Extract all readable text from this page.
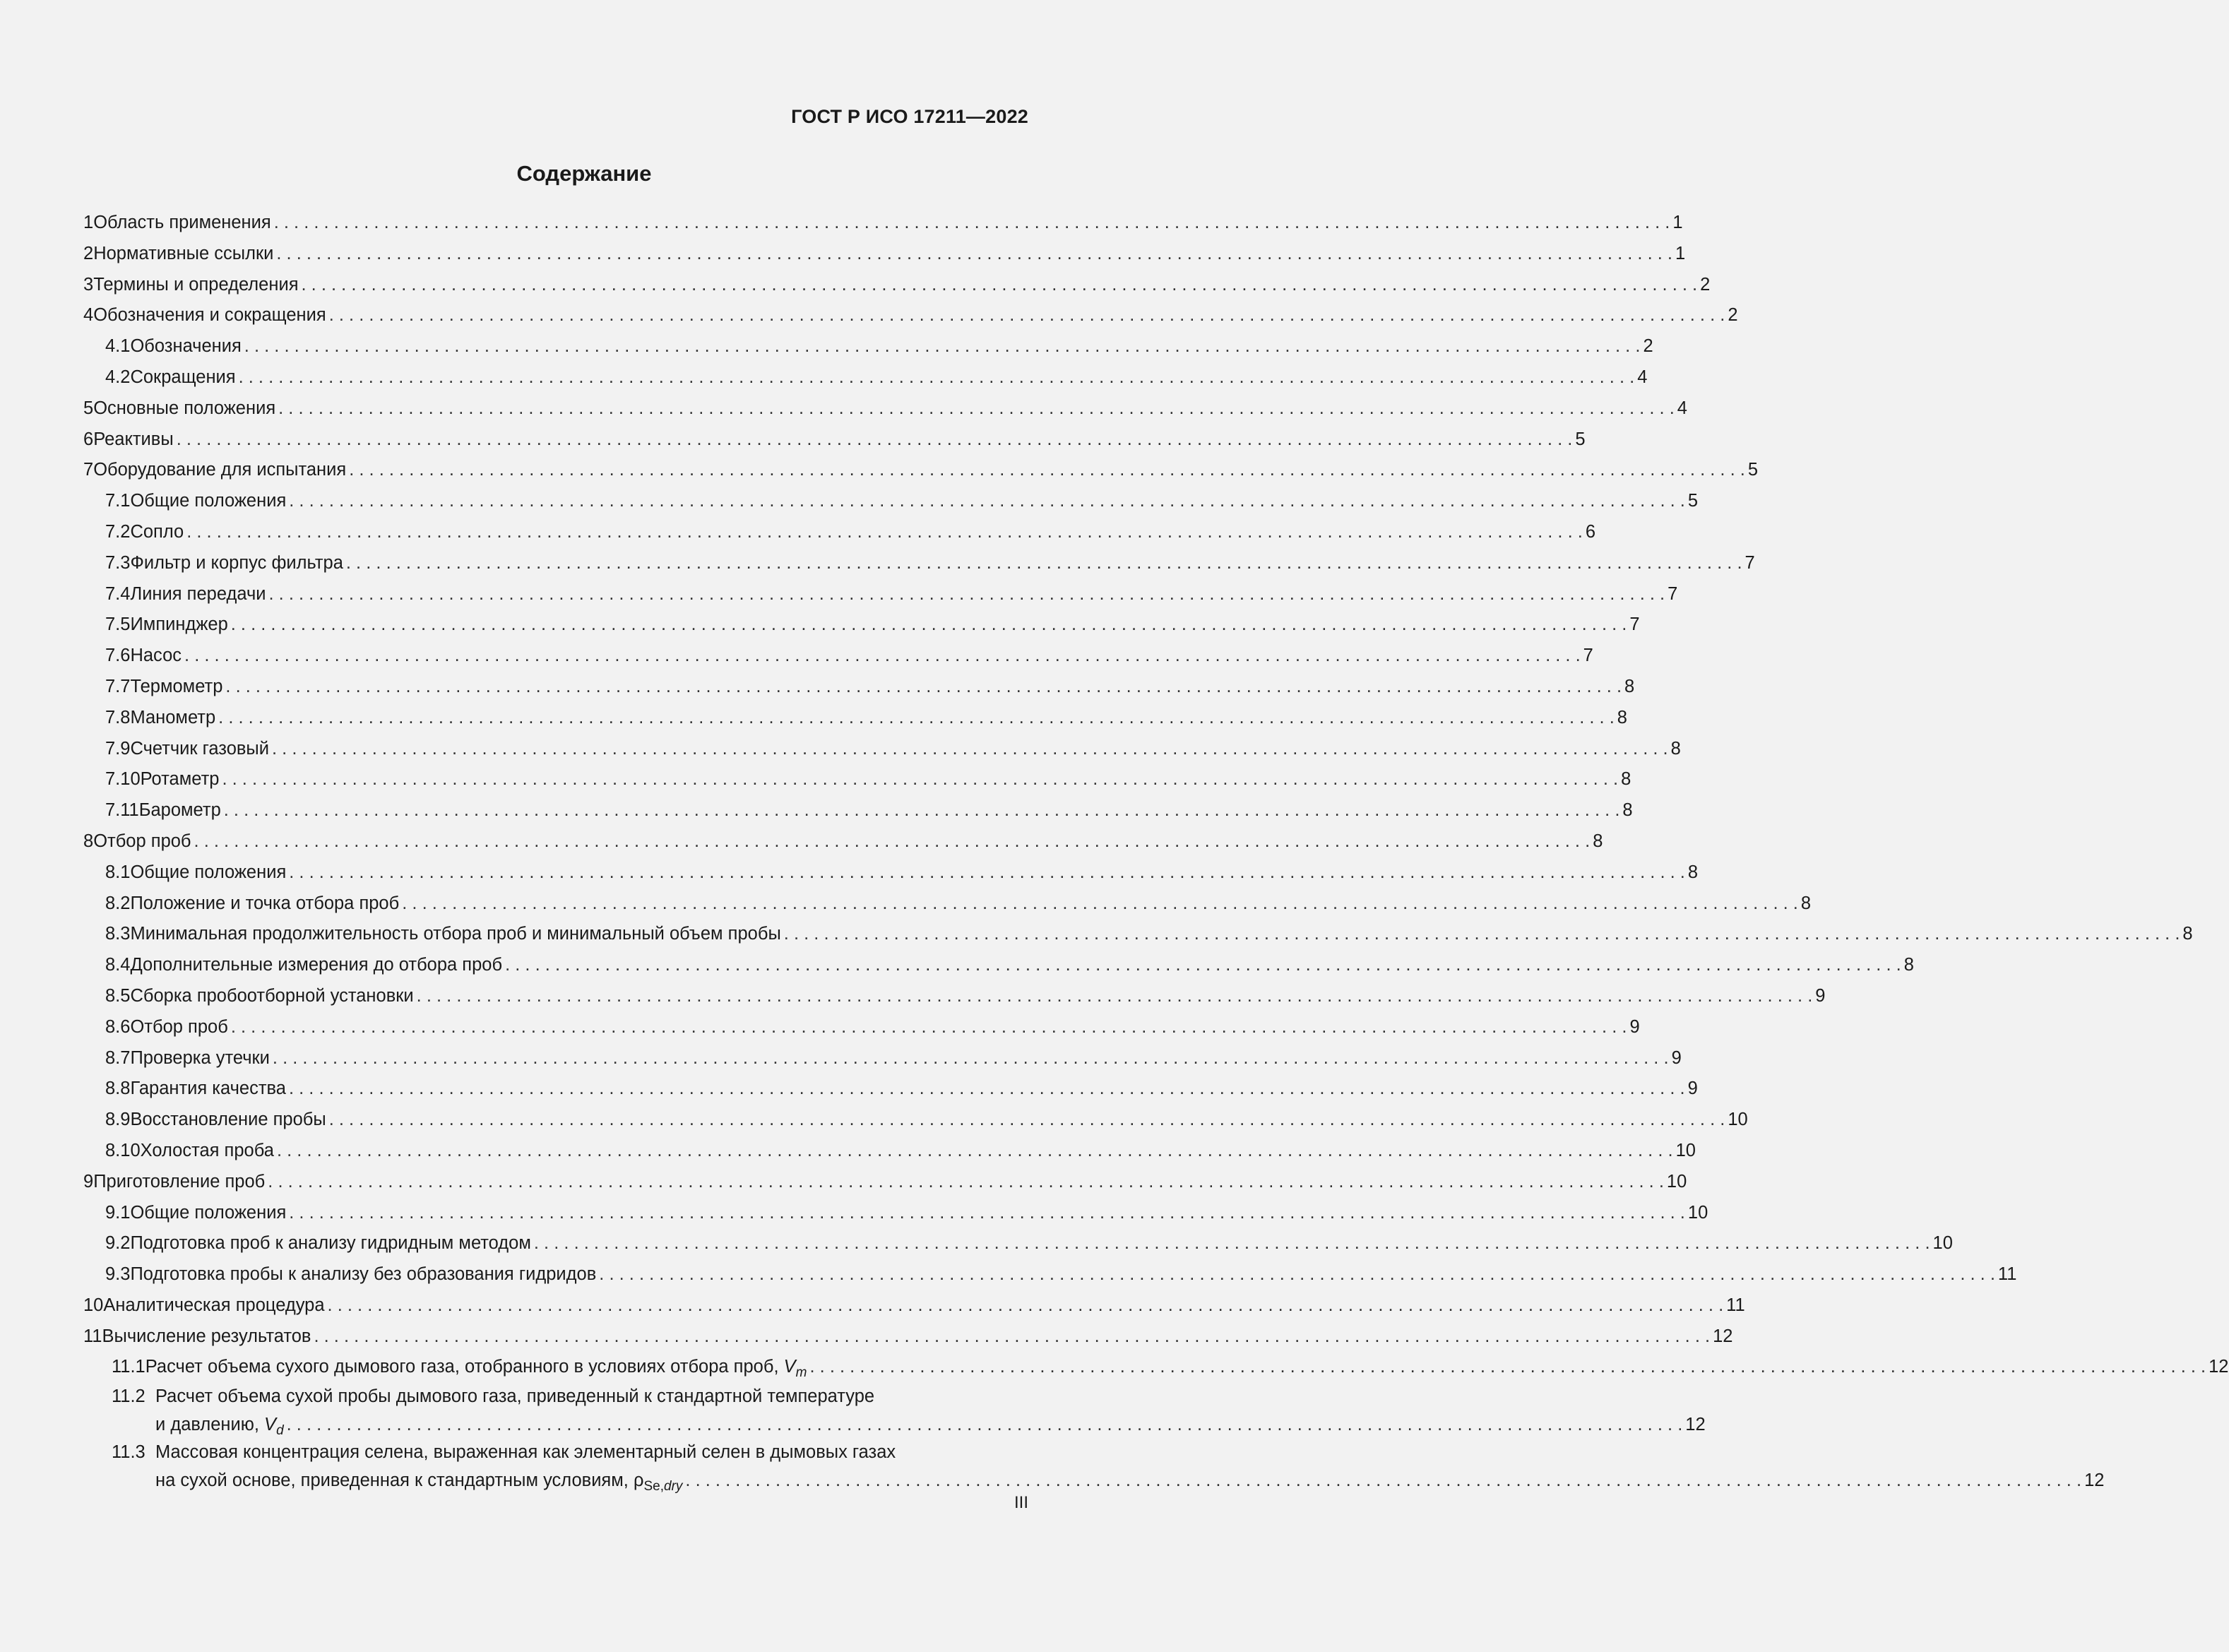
ГОСТ Р ИСО 17211—2022
Содержание
1 Область применения . . .	1
2 Нормативные ссылки . . .	1
3 Термины и определения . . .	2
4 Обозначения и сокращения . . .	2
4.1 Обозначения . . .	2
4.2 Сокращения . . .	4
5 Основные положения . . .	4
6 Реактивы . . .	5
7 Оборудование для испытания . . .	5
7.1 Общие положения . . .	5
7.2 Сопло . . .	6
7.3 Фильтр и корпус фильтра . . .	7
7.4 Линия передачи . . .	7
7.5 Импинджер . . .	7
7.6 Насос . . .	7
7.7 Термометр . . .	8
7.8 Манометр . . .	8
7.9 Счетчик газовый . . .	8
7.10 Ротаметр . . .	8
7.11 Барометр . . .	8
8 Отбор проб . . .	8
8.1 Общие положения . . .	8
8.2 Положение и точка отбора проб . . .	8
8.3 Минимальная продолжительность отбора проб и минимальный объем пробы . . .	8
8.4 Дополнительные измерения до отбора проб . . .	8
8.5 Сборка пробоотборной установки . . .	9
8.6 Отбор проб . . .	9
8.7 Проверка утечки . . .	9
8.8 Гарантия качества . . .	9
8.9 Восстановление пробы . . .	10
8.10 Холостая проба . . .	10
9 Приготовление проб . . .	10
9.1 Общие положения . . .	10
9.2 Подготовка проб к анализу гидридным методом . . .	10
9.3 Подготовка пробы к анализу без образования гидридов . . .	11
10 Аналитическая процедура . . .	11
11 Вычисление результатов . . .	12
11.1 Расчет объема сухого дымового газа, отобранного в условиях отбора проб, $V_m$ . . .	12
11.2 Расчет объема сухой пробы дымового газа, приведенный к стандартной температуре
и давлению, $V_d$ . . .	12
11.3 Массовая концентрация селена, выраженная как элементарный селен в дымовых газах
на сухой основе, приведенная к стандартным условиям, $\rho_{Se,dry}$ . . .	12
III
